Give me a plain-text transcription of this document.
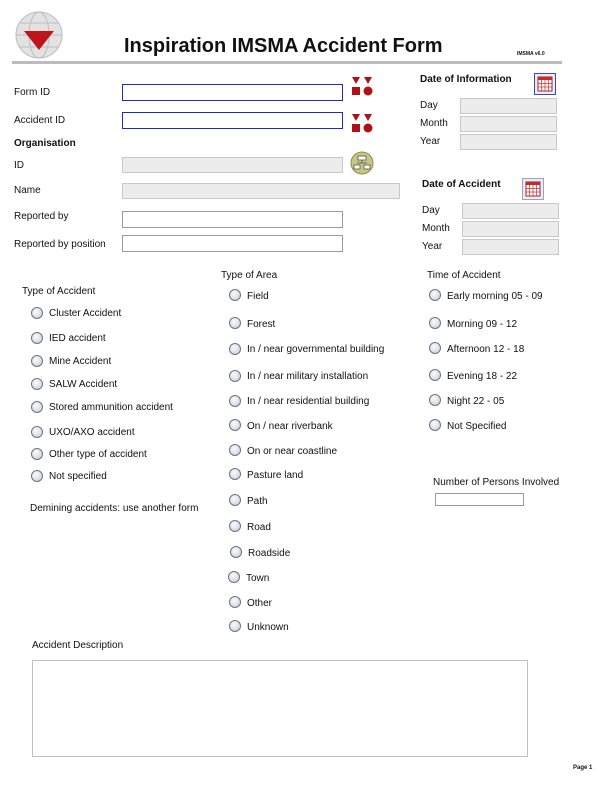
Inspiration IMSMA Accident Form	IMSMA v6.0
Form ID
Accident ID
Organisation
ID
Name
Reported by
Reported by position
Date of Information
Day
Month
Year
Date of Accident
Day
Month
Year
Type of Accident
Cluster Accident
IED accident
Mine Accident
SALW Accident
Stored ammunition accident
UXO/AXO accident
Other type of accident
Not specified
Demining accidents: use another form
Type of Area
Field
Forest
In / near governmental building
In / near military installation
In / near residential building
On / near riverbank
On or near coastline
Pasture land
Path
Road
Roadside
Town
Other
Unknown
Time of Accident
Early morning 05 - 09
Morning 09 - 12
Afternoon 12 - 18
Evening 18 - 22
Night 22 - 05
Not Specified
Number of Persons Involved
Accident Description
Page 1
